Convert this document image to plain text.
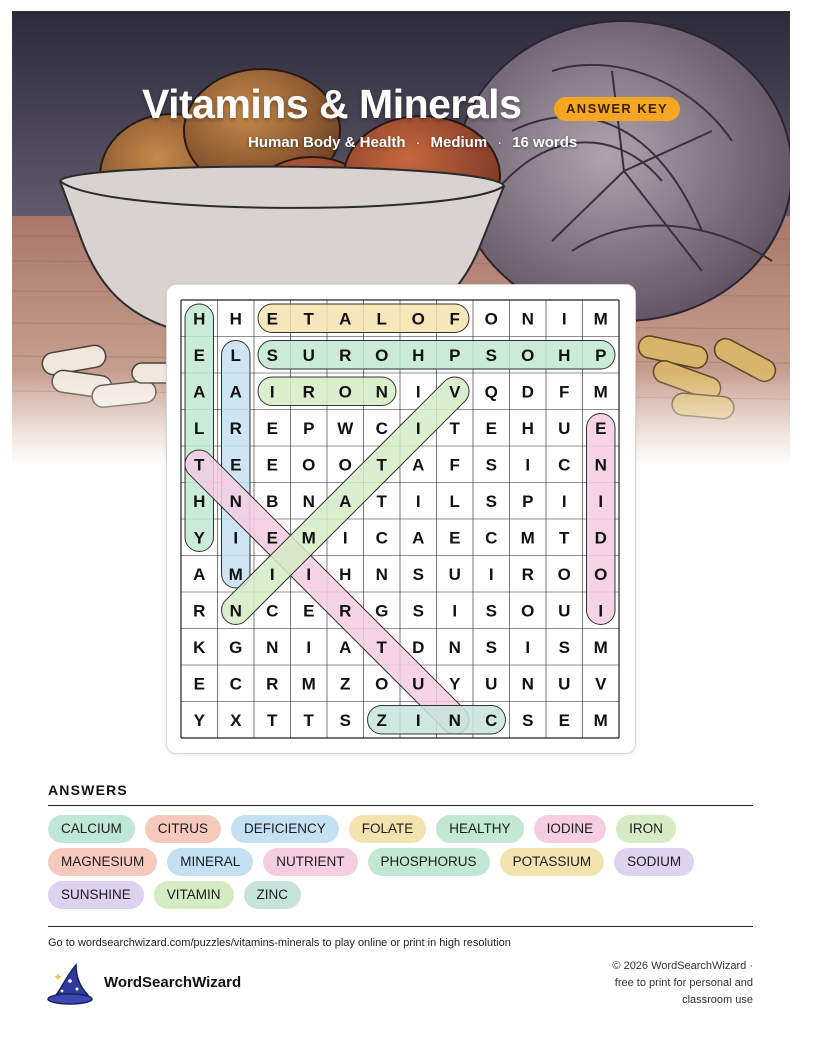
Vitamins & Minerals	ANSWER KEY
Human Body & Health · Medium · 16 words
H H E T A L O F O N I M
E L S U R O H P S O H P
A A I R O N I V Q D F M
L R E P W C I T E H U E
T E E O O T A F S I C N
H N B N A T I L S P I I
Y I E M I C A E C M T D
A M I I H N S U I R O O
R N C E R G S I S O U I
K G N I A T D N S I S M
E C R M Z O U Y U N U V
Y X T T S Z I N C S E M
ANSWERS
CALCIUM	CITRUS	DEFICIENCY	FOLATE	HEALTHY	IODINE	IRON
MAGNESIUM	MINERAL	NUTRIENT	PHOSPHORUS	POTASSIUM	SODIUM
SUNSHINE	VITAMIN	ZINC
Go to wordsearchwizard.com/puzzles/vitamins-minerals to play online or print in high resolution
WordSearchWizard
© 2026 WordSearchWizard ·
free to print for personal and
classroom use
